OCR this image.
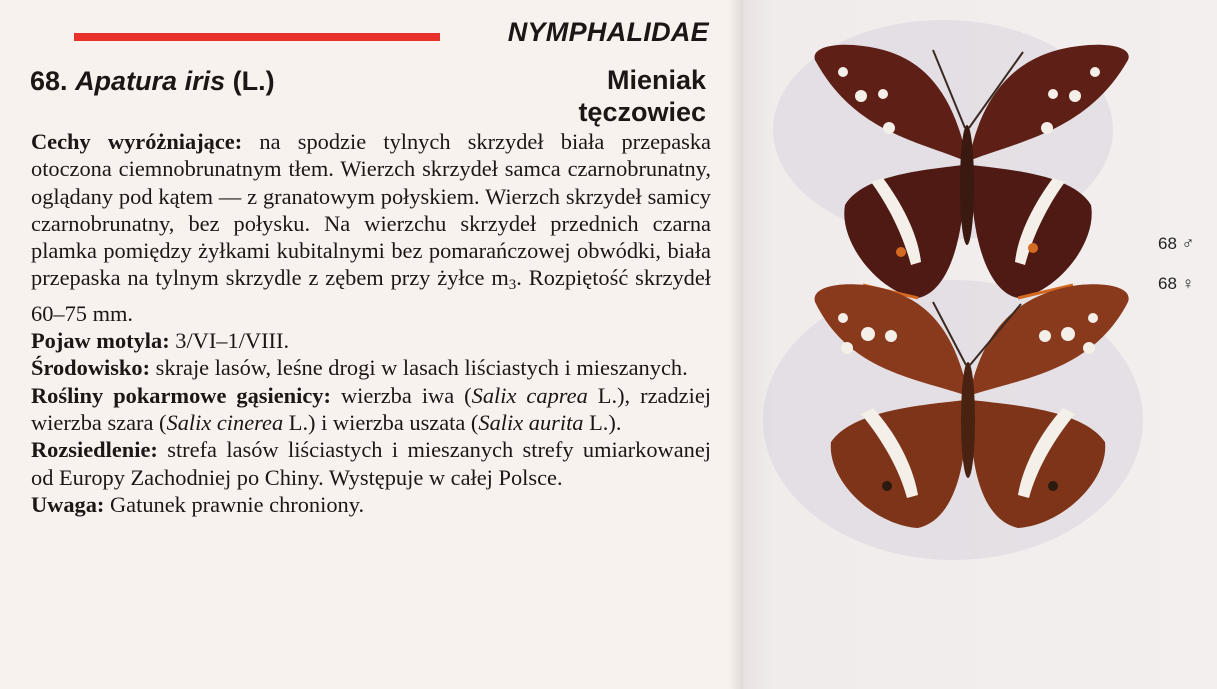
NYMPHALIDAE
68. Apatura iris (L.)	Mieniak
tęczowiec

Cechy wyróżniające: na spodzie tylnych skrzydeł biała przepaska otoczona ciemnobrunatnym tłem. Wierzch skrzydeł samca czarnobrunatny, oglądany pod kątem — z granatowym połyskiem. Wierzch skrzydeł samicy czarnobrunatny, bez połysku. Na wierzchu skrzydeł przednich czarna plamka pomiędzy żyłkami kubitalnymi bez pomarańczowej obwódki, biała przepaska na tylnym skrzydle z zębem przy żyłce $m_3$. Rozpiętość skrzydeł 60–75 mm.

Pojaw motyla: 3/VI–1/VIII.

Środowisko: skraje lasów, leśne drogi w lasach liściastych i mieszanych.

Rośliny pokarmowe gąsienicy: wierzba iwa (Salix caprea L.), rzadziej wierzba szara (Salix cinerea L.) i wierzba uszata (Salix aurita L.).

Rozsiedlenie: strefa lasów liściastych i mieszanych strefy umiarkowanej od Europy Zachodniej po Chiny. Występuje w całej Polsce.

Uwaga: Gatunek prawnie chroniony.

68 ♂
68 ♀
